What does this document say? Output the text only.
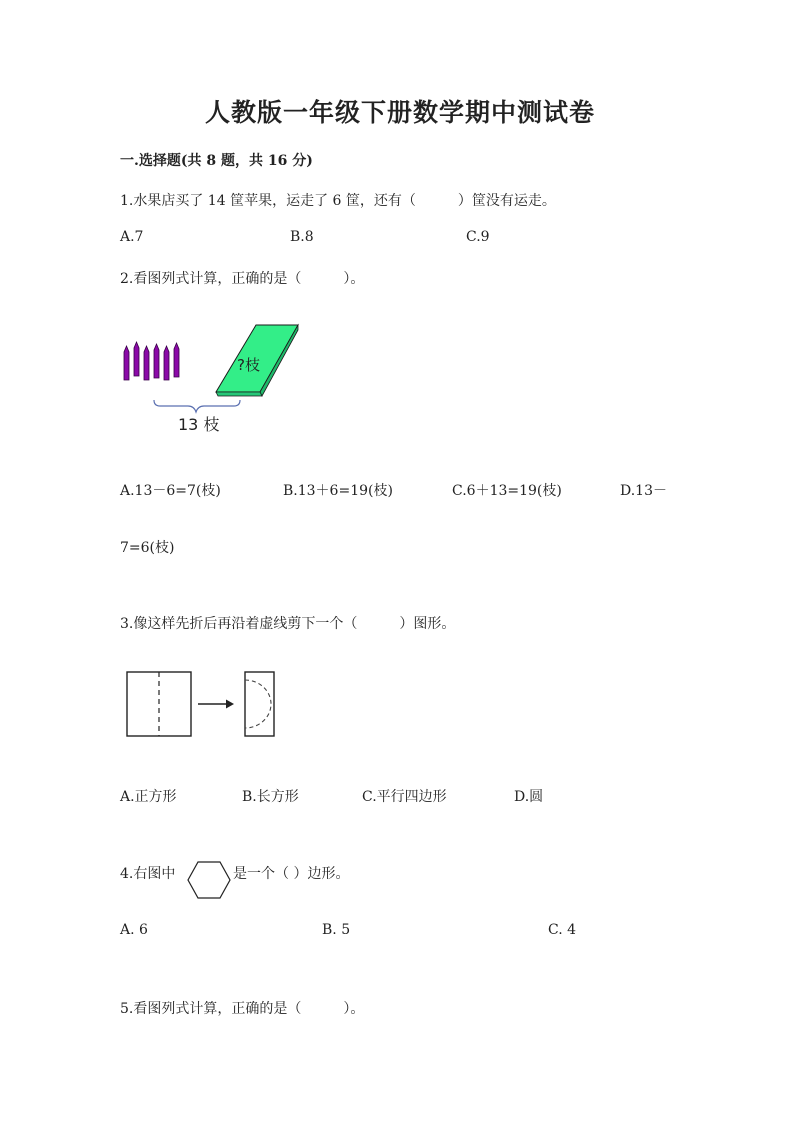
人教版一年级下册数学期中测试卷
一.选择题(共 8 题，共 16 分)
1.水果店买了 14 筐苹果，运走了 6 筐，还有（　　　）筐没有运走。
A.7	B.8	C.9
2.看图列式计算，正确的是（　　　）。
?枝
13 枝
A.13－6=7(枝)	B.13＋6=19(枝)	C.6＋13=19(枝)	D.13－
7=6(枝)
3.像这样先折后再沿着虚线剪下一个（　　　）图形。
A.正方形	B.长方形	C.平行四边形	D.圆
4.右图中	是一个（ ）边形。
A. 6	B. 5	C. 4
5.看图列式计算，正确的是（　　　）。
